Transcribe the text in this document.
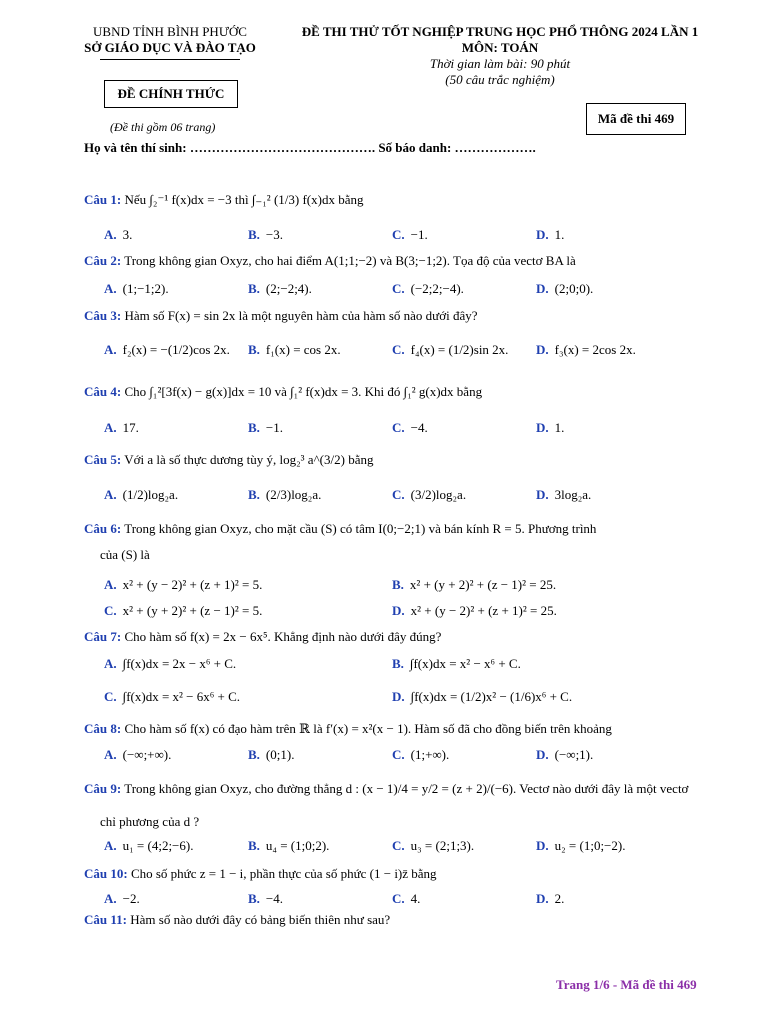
UBND TỈNH BÌNH PHƯỚC
SỞ GIÁO DỤC VÀ ĐÀO TẠO
ĐỀ THI THỬ TỐT NGHIỆP TRUNG HỌC PHỔ THÔNG 2024 LẦN 1
MÔN: TOÁN
Thời gian làm bài: 90 phút
(50 câu trắc nghiệm)
ĐỀ CHÍNH THỨC
(Đề thi gồm 06 trang)
Mã đề thi 469
Họ và tên thí sinh: ……………………………………. Số báo danh: ……………….
Câu 1: Nếu ∫₂⁻¹ f(x)dx = −3 thì ∫₋₁² (1/3) f(x)dx bằng
A. 3.	B. −3.	C. −1.	D. 1.
Câu 2: Trong không gian Oxyz, cho hai điểm A(1;1;−2) và B(3;−1;2). Tọa độ của vectơ BA là
A. (1;−1;2).	B. (2;−2;4).	C. (−2;2;−4).	D. (2;0;0).
Câu 3: Hàm số F(x) = sin 2x là một nguyên hàm của hàm số nào dưới đây?
A. f₂(x) = −(1/2)cos 2x. B. f₁(x) = cos 2x.	C. f₄(x) = (1/2)sin 2x. D. f₃(x) = 2cos 2x.
Câu 4: Cho ∫₁²[3f(x) − g(x)]dx = 10 và ∫₁² f(x)dx = 3. Khi đó ∫₁² g(x)dx bằng
A. 17.	B. −1.	C. −4.	D. 1.
Câu 5: Với a là số thực dương tùy ý, log₂³ a^(3/2) bằng
A. (1/2)log₂a.	B. (2/3)log₂a.	C. (3/2)log₂a.	D. 3log₂a.
Câu 6: Trong không gian Oxyz, cho mặt cầu (S) có tâm I(0;−2;1) và bán kính R = 5. Phương trình
của (S) là
A. x² + (y − 2)² + (z + 1)² = 5.	B. x² + (y + 2)² + (z − 1)² = 25.
C. x² + (y + 2)² + (z − 1)² = 5.	D. x² + (y − 2)² + (z + 1)² = 25.
Câu 7: Cho hàm số f(x) = 2x − 6x⁵. Khẳng định nào dưới đây đúng?
A. ∫f(x)dx = 2x − x⁶ + C.	B. ∫f(x)dx = x² − x⁶ + C.
C. ∫f(x)dx = x² − 6x⁶ + C.	D. ∫f(x)dx = (1/2)x² − (1/6)x⁶ + C.
Câu 8: Cho hàm số f(x) có đạo hàm trên ℝ là f′(x) = x²(x − 1). Hàm số đã cho đồng biến trên khoảng
A. (−∞;+∞).	B. (0;1).	C. (1;+∞).	D. (−∞;1).
Câu 9: Trong không gian Oxyz, cho đường thẳng d : (x − 1)/4 = y/2 = (z + 2)/(−6). Vectơ nào dưới đây là một vectơ
chỉ phương của d ?
A. u₁ = (4;2;−6).	B. u₄ = (1;0;2).	C. u₃ = (2;1;3).	D. u₂ = (1;0;−2).
Câu 10: Cho số phức z = 1 − i, phần thực của số phức (1 − i)z̄ bằng
A. −2.	B. −4.	C. 4.	D. 2.
Câu 11: Hàm số nào dưới đây có bảng biến thiên như sau?
Trang 1/6 - Mã đề thi 469
